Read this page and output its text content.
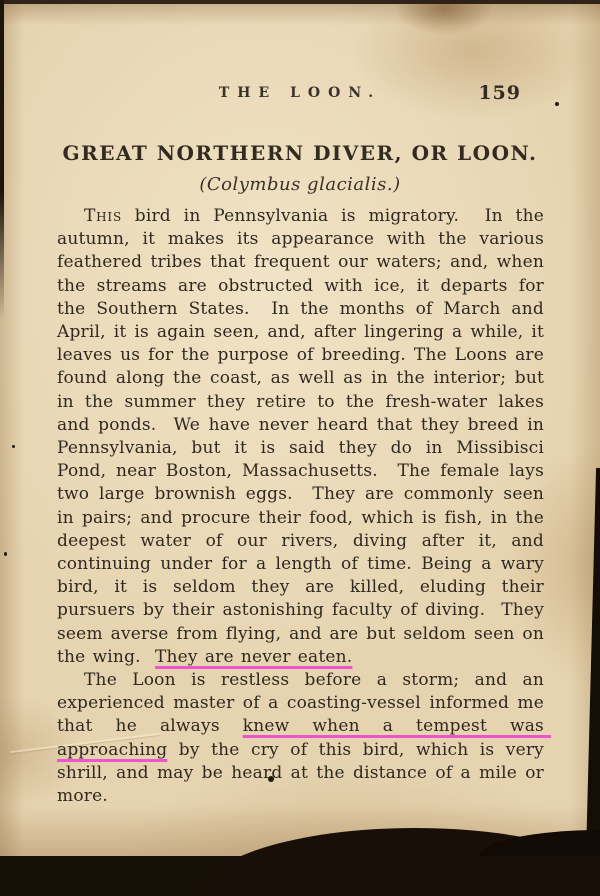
THE LOON.	159
GREAT NORTHERN DIVER, OR LOON.
(Colymbus glacialis.)

This bird in Pennsylvania is migratory.  In the autumn, it makes its appearance with the various feathered tribes that frequent our waters; and, when the streams are obstructed with ice, it departs for the Southern States.  In the months of March and April, it is again seen, and, after lingering a while, it leaves us for the purpose of breeding. The Loons are found along the coast, as well as in the interior; but in the summer they retire to the fresh-water lakes and ponds.  We have never heard that they breed in Pennsylvania, but it is said they do in Missibisci Pond, near Boston, Massachusetts.  The female lays two large brownish eggs.  They are commonly seen in pairs; and procure their food, which is fish, in the deepest water of our rivers, diving after it, and continuing under for a length of time. Being a wary bird, it is seldom they are killed, eluding their pursuers by their astonishing faculty of diving.  They seem averse from flying, and are but seldom seen on the wing.  They are never eaten.

The Loon is restless before a storm; and an experienced master of a coasting-vessel informed me that he always knew when a tempest was approaching by the cry of this bird, which is very shrill, and may be heard at the distance of a mile or more.
